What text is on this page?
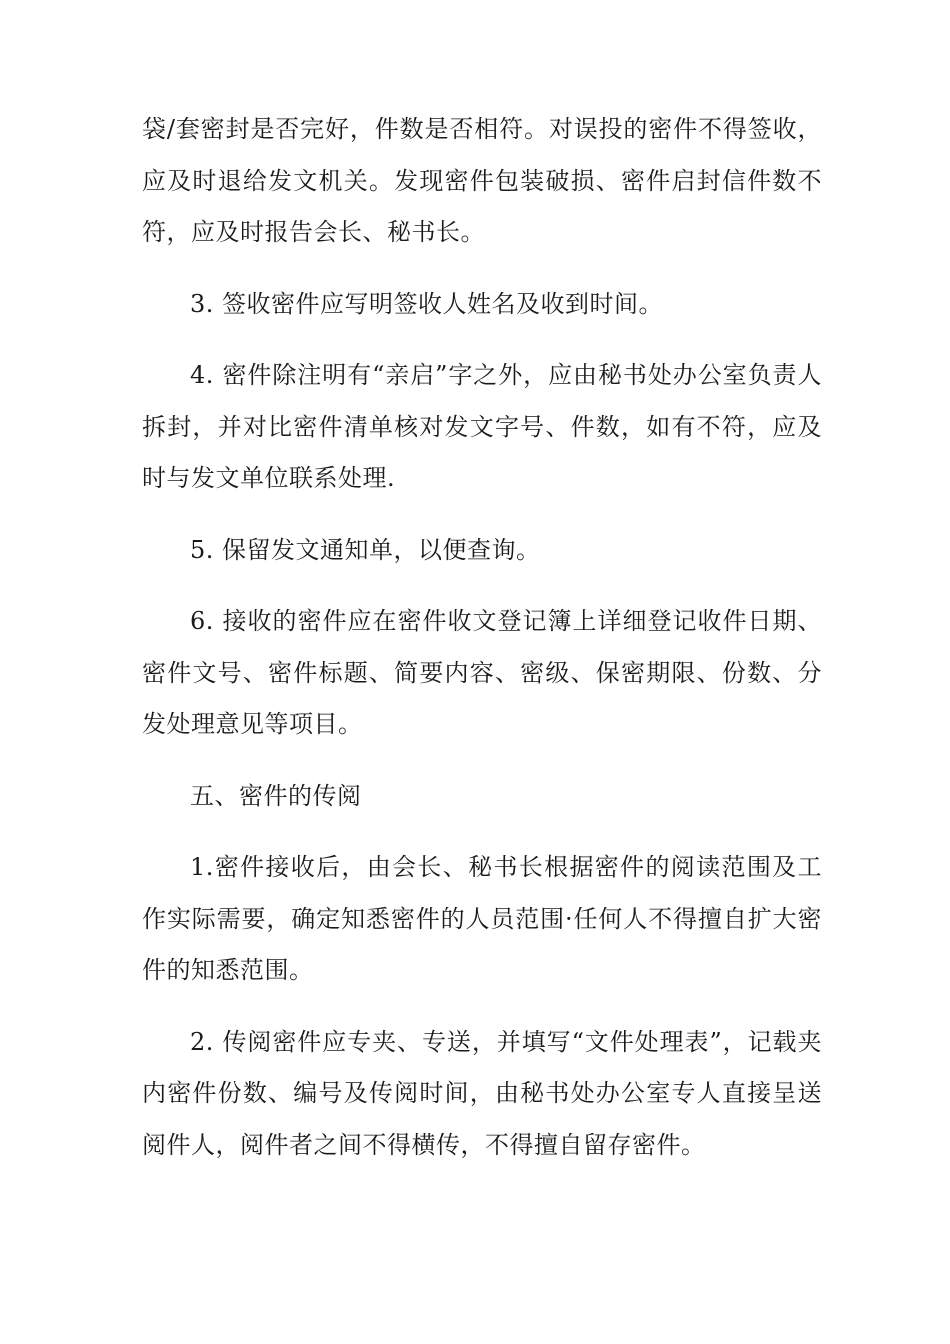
袋/套密封是否完好，件数是否相符。对误投的密件不得签收，应及时退给发文机关。发现密件包装破损、密件启封信件数不符，应及时报告会长、秘书长。

3. 签收密件应写明签收人姓名及收到时间。

4. 密件除注明有“亲启”字之外，应由秘书处办公室负责人拆封，并对比密件清单核对发文字号、件数，如有不符，应及时与发文单位联系处理.

5. 保留发文通知单，以便查询。

6. 接收的密件应在密件收文登记簿上详细登记收件日期、密件文号、密件标题、简要内容、密级、保密期限、份数、分发处理意见等项目。

五、密件的传阅

1.密件接收后，由会长、秘书长根据密件的阅读范围及工作实际需要，确定知悉密件的人员范围·任何人不得擅自扩大密件的知悉范围。

2. 传阅密件应专夹、专送，并填写“文件处理表”，记载夹内密件份数、编号及传阅时间，由秘书处办公室专人直接呈送阅件人，阅件者之间不得横传，不得擅自留存密件。
